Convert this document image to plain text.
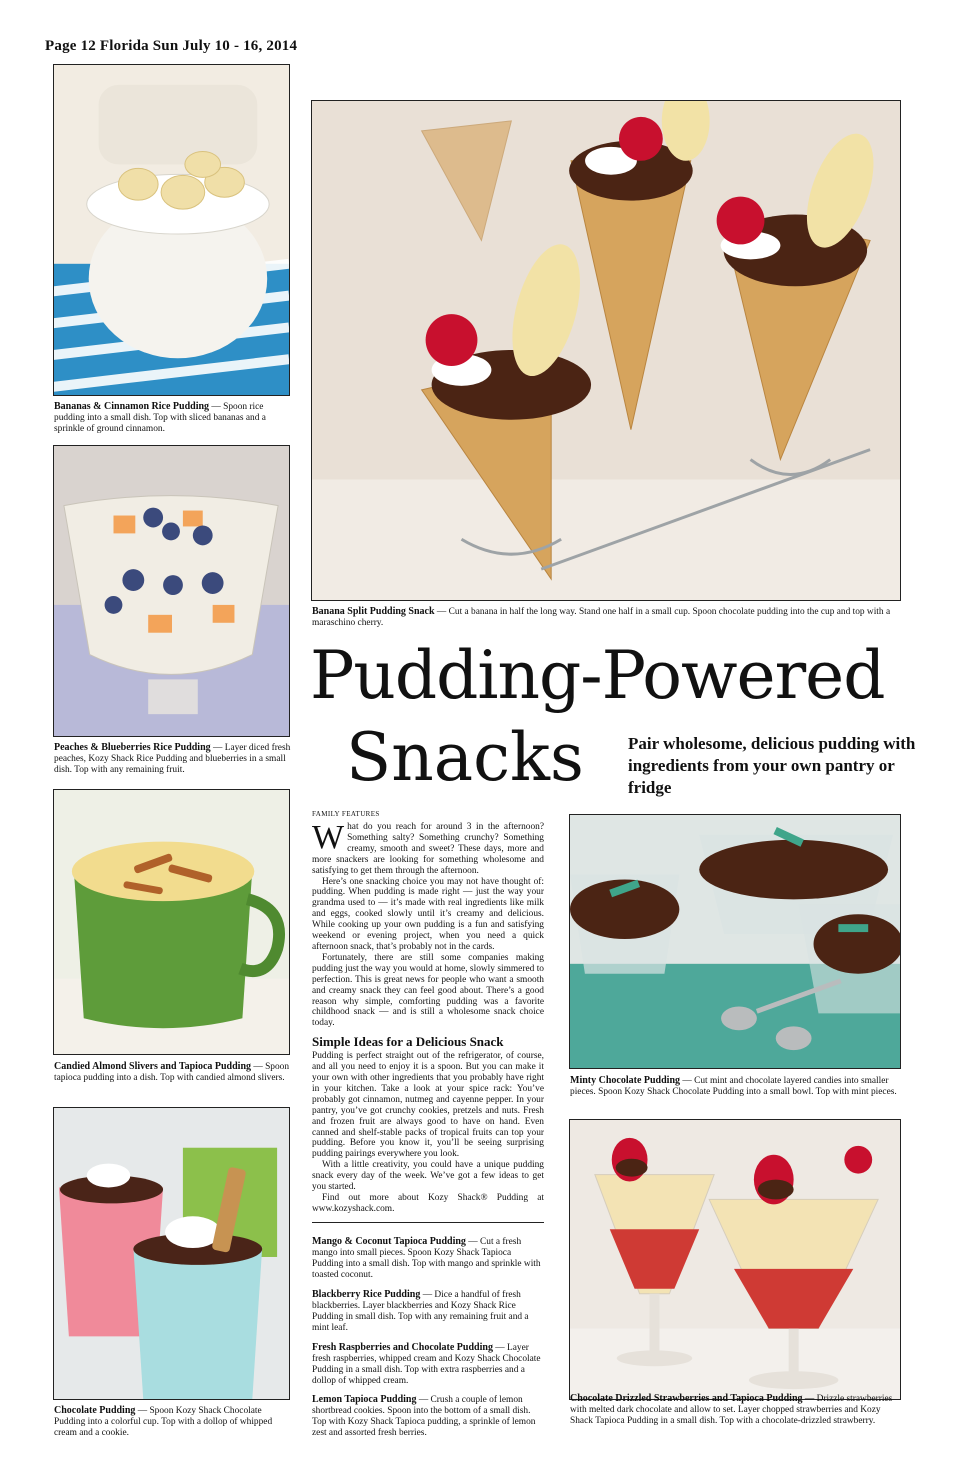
Page 12 Florida Sun July 10 - 16, 2014
Bananas & Cinnamon Rice Pudding — Spoon rice pudding into a small dish. Top with sliced bananas and a sprinkle of ground cinnamon.
Peaches & Blueberries Rice Pudding — Layer diced fresh peaches, Kozy Shack Rice Pudding and blueberries in a small dish. Top with any remaining fruit.
Candied Almond Slivers and Tapioca Pudding — Spoon tapioca pudding into a dish. Top with candied almond slivers.
Chocolate Pudding — Spoon Kozy Shack Chocolate Pudding into a colorful cup. Top with a dollop of whipped cream and a cookie.
Banana Split Pudding Snack — Cut a banana in half the long way. Stand one half in a small cup. Spoon chocolate pudding into the cup and top with a maraschino cherry.
Pudding-Powered
Snacks	Pair wholesome, delicious pudding with ingredients from your own pantry or fridge
FAMILY FEATURES

What do you reach for around 3 in the afternoon? Something salty? Something crunchy? Something creamy, smooth and sweet? These days, more and more snackers are looking for something wholesome and satisfying to get them through the afternoon.

Here’s one snacking choice you may not have thought of: pudding. When pudding is made right — just the way your grandma used to — it’s made with real ingredients like milk and eggs, cooked slowly until it’s creamy and delicious. While cooking up your own pudding is a fun and satisfying weekend or evening project, when you need a quick afternoon snack, that’s probably not in the cards.

Fortunately, there are still some companies making pudding just the way you would at home, slowly simmered to perfection. This is great news for people who want a smooth and creamy snack they can feel good about. There’s a good reason why simple, comforting pudding was a favorite childhood snack — and is still a wholesome snack choice today.

Simple Ideas for a Delicious Snack

Pudding is perfect straight out of the refrigerator, of course, and all you need to enjoy it is a spoon. But you can make it your own with other ingredients that you probably have right in your kitchen. Take a look at your spice rack: You’ve probably got cinnamon, nutmeg and cayenne pepper. In your pantry, you’ve got crunchy cookies, pretzels and nuts. Fresh and frozen fruit are always good to have on hand. Even canned and shelf-stable packs of tropical fruits can top your pudding. Before you know it, you’ll be seeing surprising pudding pairings everywhere you look.

With a little creativity, you could have a unique pudding snack every day of the week. We’ve got a few ideas to get you started.

Find out more about Kozy Shack® Pudding at www.kozyshack.com.

Mango & Coconut Tapioca Pudding — Cut a fresh mango into small pieces. Spoon Kozy Shack Tapioca Pudding into a small dish. Top with mango and sprinkle with toasted coconut.
Blackberry Rice Pudding — Dice a handful of fresh blackberries. Layer blackberries and Kozy Shack Rice Pudding in small dish. Top with any remaining fruit and a mint leaf.
Fresh Raspberries and Chocolate Pudding — Layer fresh raspberries, whipped cream and Kozy Shack Chocolate Pudding in a small dish. Top with extra raspberries and a dollop of whipped cream.
Lemon Tapioca Pudding — Crush a couple of lemon shortbread cookies. Spoon into the bottom of a small dish. Top with Kozy Shack Tapioca pudding, a sprinkle of lemon zest and assorted fresh berries.
Minty Chocolate Pudding — Cut mint and chocolate layered candies into smaller pieces. Spoon Kozy Shack Chocolate Pudding into a small bowl. Top with mint pieces.
Chocolate Drizzled Strawberries and Tapioca Pudding — Drizzle strawberries with melted dark chocolate and allow to set. Layer chopped strawberries and Kozy Shack Tapioca Pudding in a small dish. Top with a chocolate-drizzled strawberry.
